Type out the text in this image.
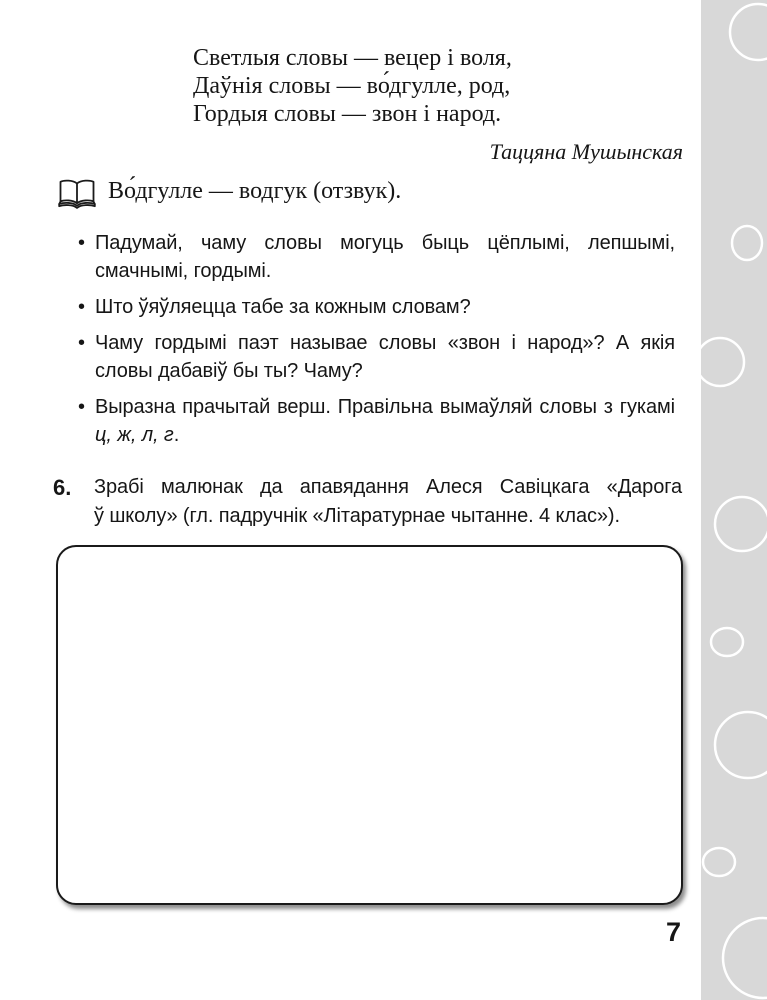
Светлыя словы — вецер і воля,
Даўнія словы — во́дгулле, род,
Гордыя словы — звон і народ.
Таццяна Мушынская
Во́дгулле — водгук (отзвук).
• Падумай, чаму словы могуць быць цёплымі, лепшымі, смачнымі, гордымі.

• Што ўяўляецца табе за кожным словам?

• Чаму гордымі паэт называе словы «звон і народ»? А якія словы дабавіў бы ты? Чаму?

• Выразна прачытай верш. Правільна вымаўляй словы з гукамі ц, ж, л, г.

6.	Зрабі малюнак да апавядання Алеся Савіцкага «Дарога ў школу» (гл. падручнік «Літаратурнае чытанне. 4 клас»).

7
